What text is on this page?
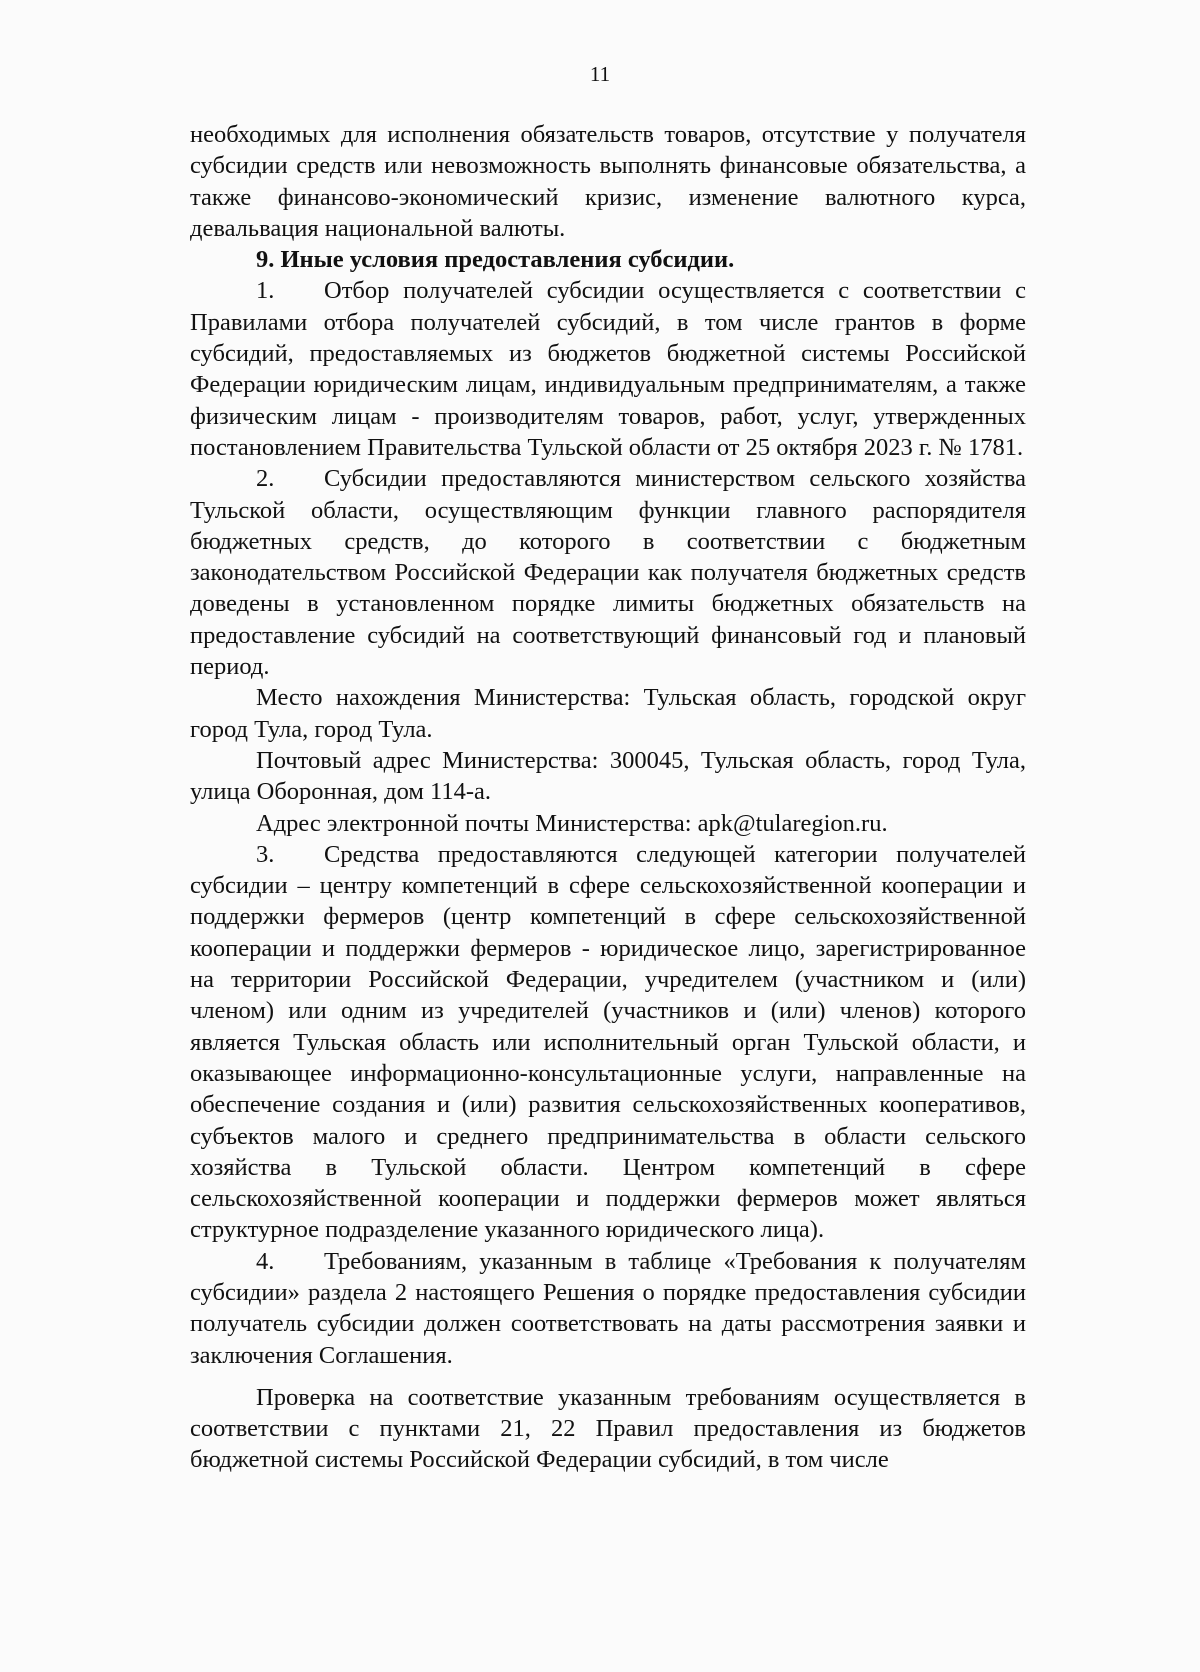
11

необходимых для исполнения обязательств товаров, отсутствие у получателя субсидии средств или невозможность выполнять финансовые обязательства, а также финансово-экономический кризис, изменение валютного курса, девальвация национальной валюты.

9. Иные условия предоставления субсидии.

1. Отбор получателей субсидии осуществляется с соответствии с Правилами отбора получателей субсидий, в том числе грантов в форме субсидий, предоставляемых из бюджетов бюджетной системы Российской Федерации юридическим лицам, индивидуальным предпринимателям, а также физическим лицам - производителям товаров, работ, услуг, утвержденных постановлением Правительства Тульской области от 25 октября 2023 г. № 1781.

2. Субсидии предоставляются министерством сельского хозяйства Тульской области, осуществляющим функции главного распорядителя бюджетных средств, до которого в соответствии с бюджетным законодательством Российской Федерации как получателя бюджетных средств доведены в установленном порядке лимиты бюджетных обязательств на предоставление субсидий на соответствующий финансовый год и плановый период.

Место нахождения Министерства: Тульская область, городской округ город Тула, город Тула.

Почтовый адрес Министерства: 300045, Тульская область, город Тула, улица Оборонная, дом 114-а.

Адрес электронной почты Министерства: apk@tularegion.ru.

3. Средства предоставляются следующей категории получателей субсидии – центру компетенций в сфере сельскохозяйственной кооперации и поддержки фермеров (центр компетенций в сфере сельскохозяйственной кооперации и поддержки фермеров - юридическое лицо, зарегистрированное на территории Российской Федерации, учредителем (участником и (или) членом) или одним из учредителей (участников и (или) членов) которого является Тульская область или исполнительный орган Тульской области, и оказывающее информационно-консультационные услуги, направленные на обеспечение создания и (или) развития сельскохозяйственных кооперативов, субъектов малого и среднего предпринимательства в области сельского хозяйства в Тульской области. Центром компетенций в сфере сельскохозяйственной кооперации и поддержки фермеров может являться структурное подразделение указанного юридического лица).

4. Требованиям, указанным в таблице «Требования к получателям субсидии» раздела 2 настоящего Решения о порядке предоставления субсидии получатель субсидии должен соответствовать на даты рассмотрения заявки и заключения Соглашения.

Проверка на соответствие указанным требованиям осуществляется в соответствии с пунктами 21, 22 Правил предоставления из бюджетов бюджетной системы Российской Федерации субсидий, в том числе
